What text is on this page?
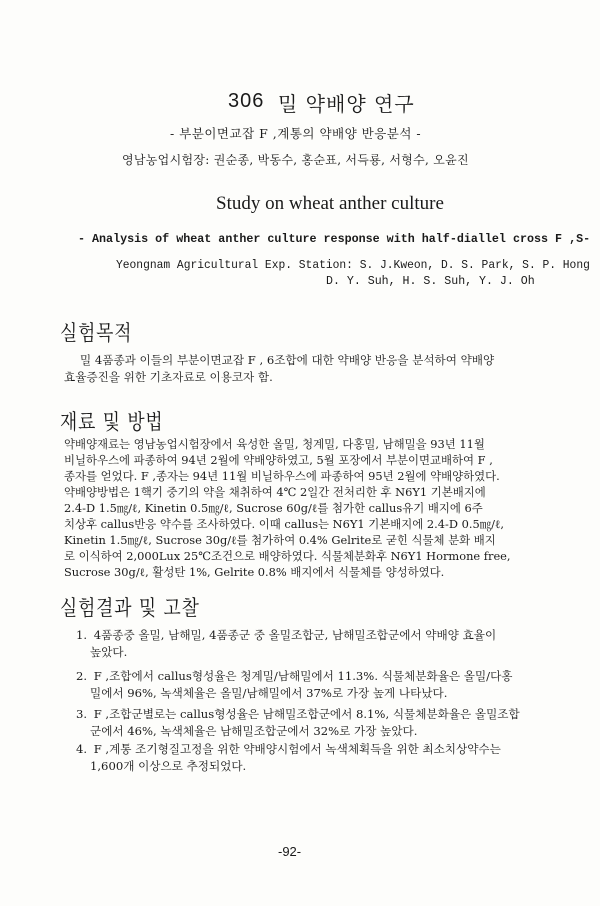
306 밀 약배양 연구
- 부분이면교잡 F ,계통의 약배양 반응분석 -
영남농업시험장: 권순종, 박동수, 홍순표, 서득룡, 서형수, 오윤진
Study on wheat anther culture
- Analysis of wheat anther culture response with half-diallel cross F ,S-
Yeongnam Agricultural Exp. Station: S. J.Kweon, D. S. Park, S. P. Hong
D. Y. Suh, H. S. Suh, Y. J. Oh
실험목적
밀 4품종과 이들의 부분이면교잡 F , 6조합에 대한 약배양 반응을 분석하여 약배양
효율증진을 위한 기초자료로 이용코자 함.
재료 및 방법
약배양재료는 영남농업시험장에서 육성한 올밀, 청계밀, 다홍밀, 남해밀을 93년 11월
비닐하우스에 파종하여 94년 2월에 약배양하였고, 5월 포장에서 부분이면교배하여 F ,
종자를 얻었다. F ,종자는 94년 11월 비닐하우스에 파종하여 95년 2월에 약배양하였다.
약배양방법은 1핵기 중기의 약을 채취하여 4℃ 2일간 전처리한 후 N6Y1 기본배지에
2.4-D 1.5㎎/ℓ, Kinetin 0.5㎎/ℓ, Sucrose 60g/ℓ를 첨가한 callus유기 배지에 6주
치상후 callus반응 약수를 조사하였다. 이때 callus는 N6Y1 기본배지에 2.4-D 0.5㎎/ℓ,
Kinetin 1.5㎎/ℓ, Sucrose 30g/ℓ를 첨가하여 0.4% Gelrite로 굳힌 식물체 분화 배지
로 이식하여 2,000Lux 25℃조건으로 배양하였다. 식물체분화후 N6Y1 Hormone free,
Sucrose 30g/ℓ, 활성탄 1%, Gelrite 0.8% 배지에서 식물체를 양성하였다.
실험결과 및 고찰
1. 4품종중 올밀, 남해밀, 4품종군 중 올밀조합군, 남해밀조합군에서 약배양 효율이
높았다.
2. F ,조합에서 callus형성율은 청계밀/남해밀에서 11.3%. 식물체분화율은 올밀/다홍
밀에서 96%, 녹색체율은 올밀/남해밀에서 37%로 가장 높게 나타났다.
3. F ,조합군별로는 callus형성율은 남해밀조합군에서 8.1%, 식물체분화율은 올밀조합
군에서 46%, 녹색체율은 남해밀조합군에서 32%로 가장 높았다.
4. F ,계통 조기형질고정을 위한 약배양시험에서 녹색체획득을 위한 최소치상약수는
1,600개 이상으로 추정되었다.
-92-
